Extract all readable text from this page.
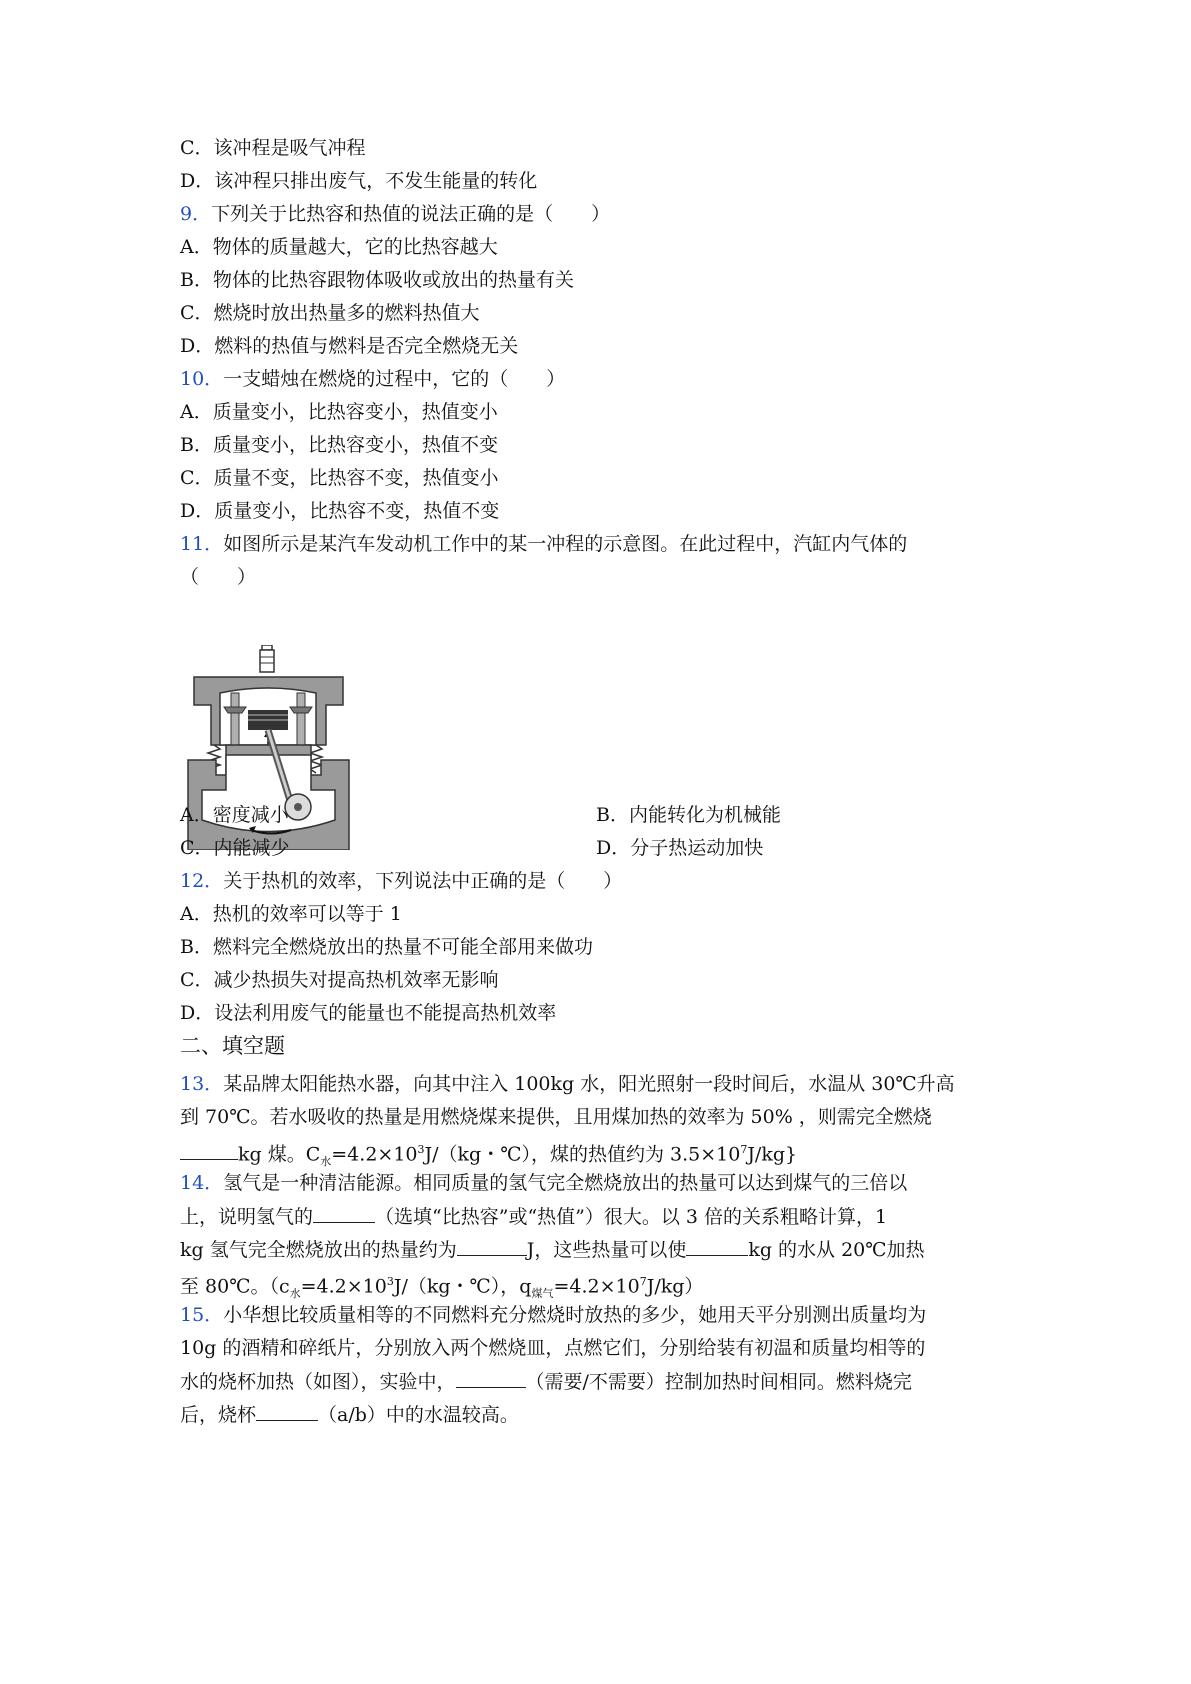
C．该冲程是吸气冲程
D．该冲程只排出废气，不发生能量的转化
9．下列关于比热容和热值的说法正确的是（　　）
A．物体的质量越大，它的比热容越大
B．物体的比热容跟物体吸收或放出的热量有关
C．燃烧时放出热量多的燃料热值大
D．燃料的热值与燃料是否完全燃烧无关
10．一支蜡烛在燃烧的过程中，它的（　　）
A．质量变小，比热容变小，热值变小
B．质量变小，比热容变小，热值不变
C．质量不变，比热容不变，热值变小
D．质量变小，比热容不变，热值不变
11．如图所示是某汽车发动机工作中的某一冲程的示意图。在此过程中，汽缸内气体的
（　　）
A．密度减小	B．内能转化为机械能
C．内能减少	D．分子热运动加快
12．关于热机的效率，下列说法中正确的是（　　）
A．热机的效率可以等于 1
B．燃料完全燃烧放出的热量不可能全部用来做功
C．减少热损失对提高热机效率无影响
D．设法利用废气的能量也不能提高热机效率
二、填空题
13．某品牌太阳能热水器，向其中注入 100kg 水，阳光照射一段时间后，水温从 30℃升高
到 70℃。若水吸收的热量是用燃烧煤来提供，且用煤加热的效率为 50% ，则需完全燃烧
kg 煤。$C_水=4.2\times 10^3J/(kg$・℃），煤的热值约为 $3.5\times 10^7J/kg$}
14．氢气是一种清洁能源。相同质量的氢气完全燃烧放出的热量可以达到煤气的三倍以
上，说明氢气的	（选填“比热容”或“热值”）很大。以 3 倍的关系粗略计算，1
kg 氢气完全燃烧放出的热量约为	J，这些热量可以使	kg 的水从 20℃加热
至 80℃。（$c_水=4.2\times 10^3J/(kg$・℃），$q_{煤气}=4.2\times 10^7J/kg$）
15．小华想比较质量相等的不同燃料充分燃烧时放热的多少，她用天平分别测出质量均为
10g 的酒精和碎纸片，分别放入两个燃烧皿，点燃它们，分别给装有初温和质量均相等的
水的烧杯加热（如图），实验中，	（需要/不需要）控制加热时间相同。燃料烧完
后，烧杯	（a/b）中的水温较高。
